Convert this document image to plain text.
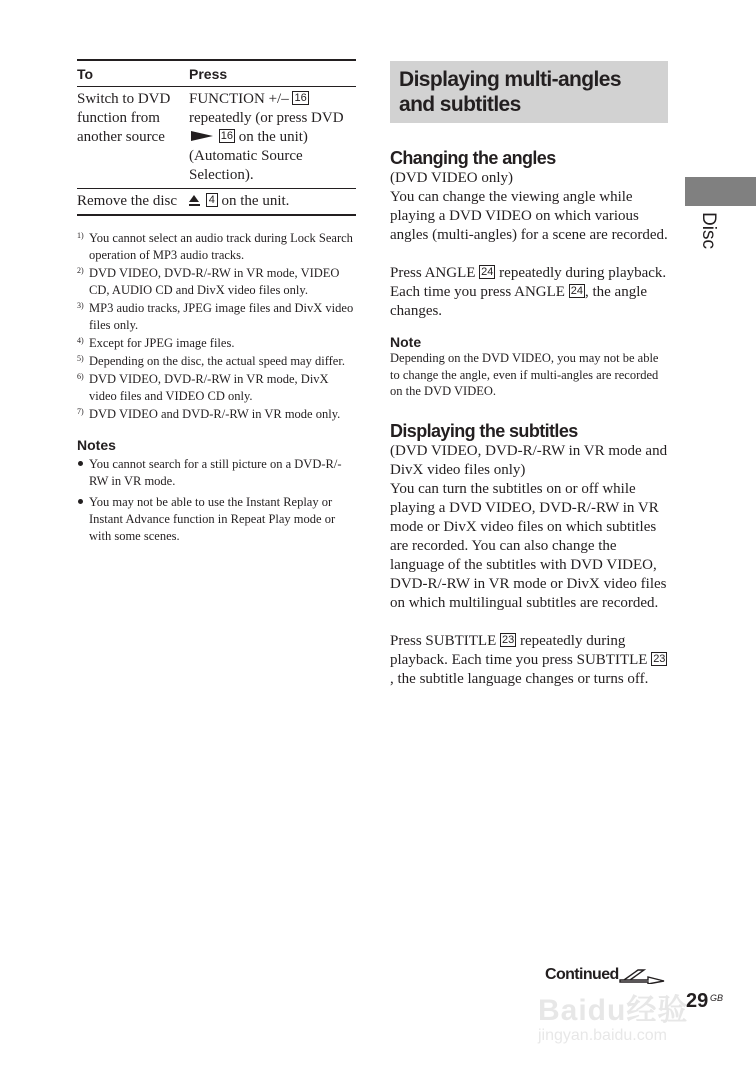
To	Press
Switch to DVD function from another source	FUNCTION +/– 16 repeatedly (or press DVD  16 on the unit) (Automatic Source Selection).
Remove the disc	4 on the unit.
1) You cannot select an audio track during Lock Search operation of MP3 audio tracks.
2) DVD VIDEO, DVD-R/-RW in VR mode, VIDEO CD, AUDIO CD and DivX video files only.
3) MP3 audio tracks, JPEG image files and DivX video files only.
4) Except for JPEG image files.
5) Depending on the disc, the actual speed may differ.
6) DVD VIDEO, DVD-R/-RW in VR mode, DivX video files and VIDEO CD only.
7) DVD VIDEO and DVD-R/-RW in VR mode only.
Notes
You cannot search for a still picture on a DVD-R/-RW in VR mode.
You may not be able to use the Instant Replay or Instant Advance function in Repeat Play mode or with some scenes.
Displaying multi-angles and subtitles
Changing the angles
(DVD VIDEO only)
You can change the viewing angle while playing a DVD VIDEO on which various angles (multi-angles) for a scene are recorded.
Press ANGLE 24 repeatedly during playback. Each time you press ANGLE 24 , the angle changes.
Note
Depending on the DVD VIDEO, you may not be able to change the angle, even if multi-angles are recorded on the DVD VIDEO.
Displaying the subtitles
(DVD VIDEO, DVD-R/-RW in VR mode and DivX video files only)
You can turn the subtitles on or off while playing a DVD VIDEO, DVD-R/-RW in VR mode or DivX video files on which subtitles are recorded. You can also change the language of the subtitles with DVD VIDEO, DVD-R/-RW in VR mode or DivX video files on which multilingual subtitles are recorded.
Press SUBTITLE 23 repeatedly during playback. Each time you press SUBTITLE 23, the subtitle language changes or turns off.
Disc
Continued
29 GB
Baidu经验
jingyan.baidu.com
